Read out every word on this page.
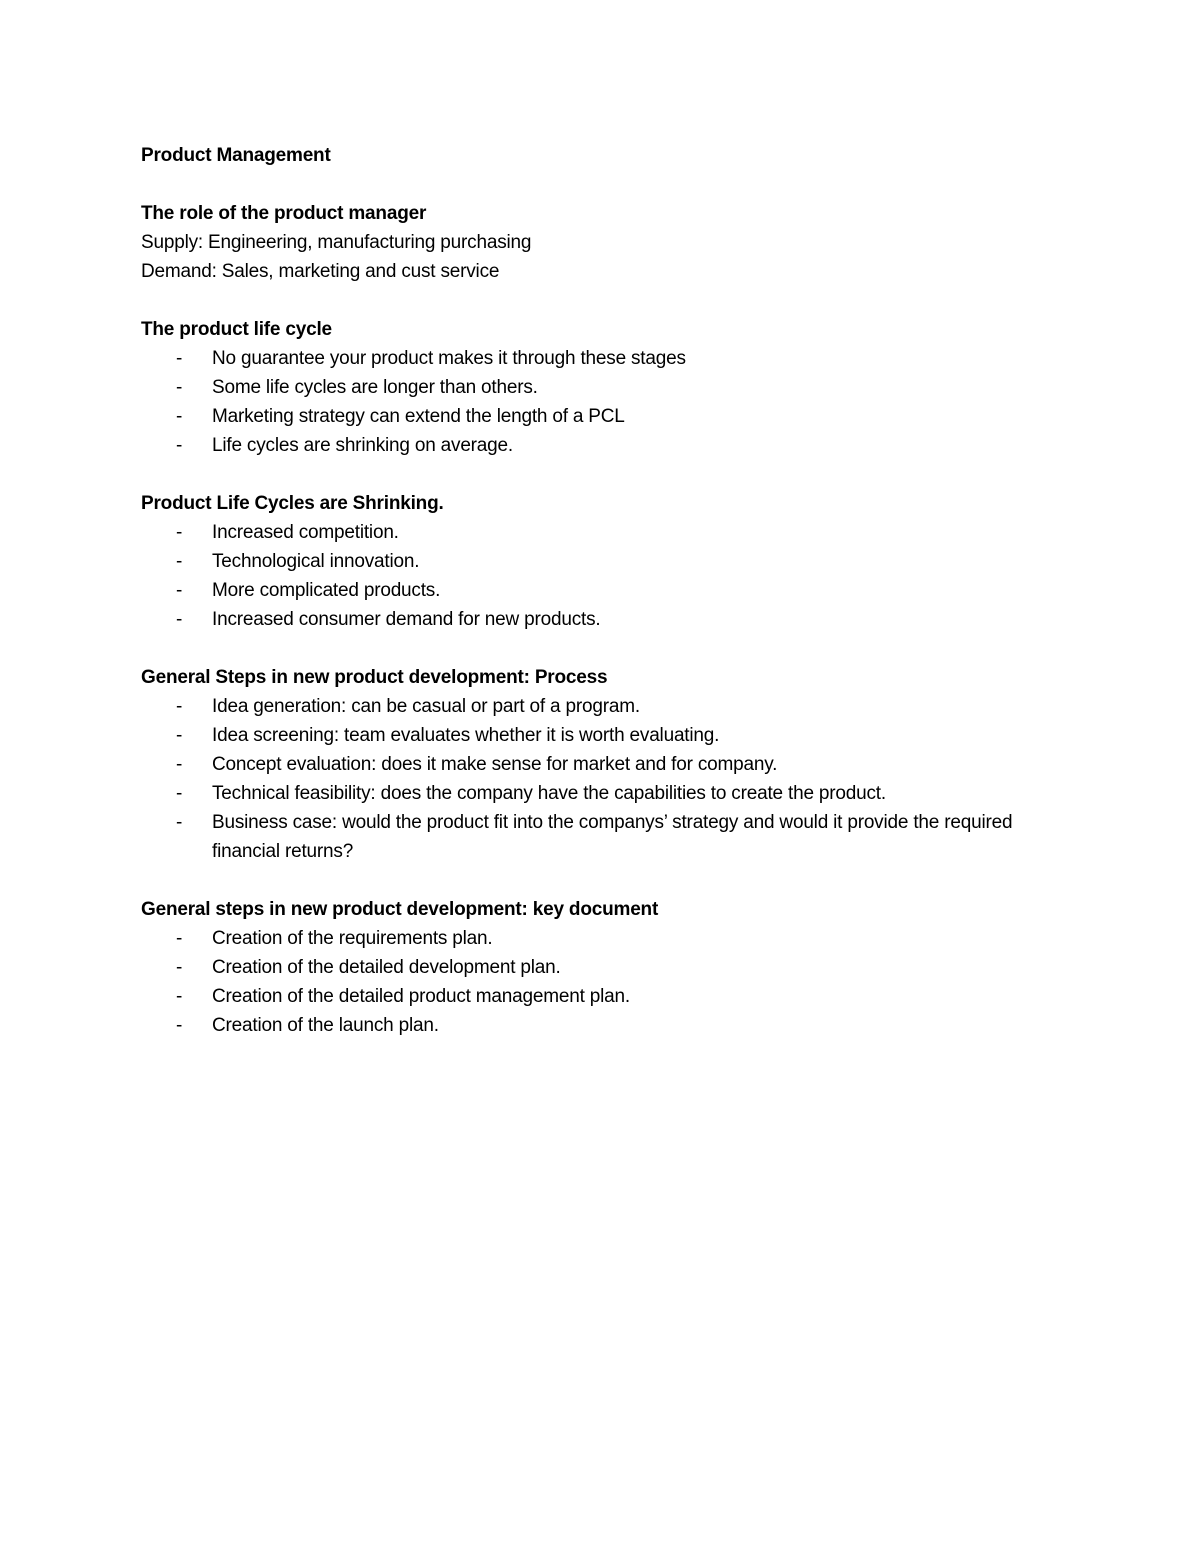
Product Management
The role of the product manager
Supply: Engineering, manufacturing purchasing
Demand: Sales, marketing and cust service
The product life cycle
- No guarantee your product makes it through these stages
- Some life cycles are longer than others.
- Marketing strategy can extend the length of a PCL
- Life cycles are shrinking on average.
Product Life Cycles are Shrinking.
- Increased competition.
- Technological innovation.
- More complicated products.
- Increased consumer demand for new products.
General Steps in new product development: Process
- Idea generation: can be casual or part of a program.
- Idea screening: team evaluates whether it is worth evaluating.
- Concept evaluation: does it make sense for market and for company.
- Technical feasibility: does the company have the capabilities to create the product.
- Business case: would the product fit into the companys’ strategy and would it provide the required financial returns?
General steps in new product development: key document
- Creation of the requirements plan.
- Creation of the detailed development plan.
- Creation of the detailed product management plan.
- Creation of the launch plan.
